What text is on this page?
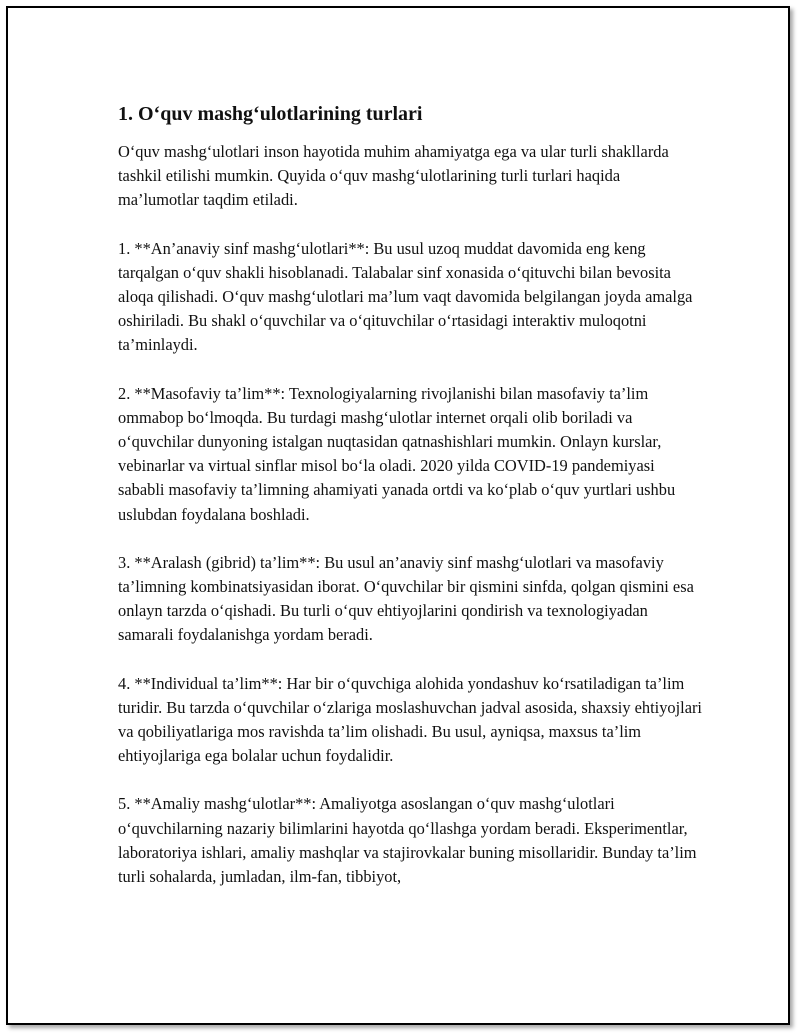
1. O‘quv mashg‘ulotlarining turlari

O‘quv mashg‘ulotlari inson hayotida muhim ahamiyatga ega va ular turli shakllarda tashkil etilishi mumkin. Quyida o‘quv mashg‘ulotlarining turli turlari haqida ma’lumotlar taqdim etiladi.

1. **An’anaviy sinf mashg‘ulotlari**: Bu usul uzoq muddat davomida eng keng tarqalgan o‘quv shakli hisoblanadi. Talabalar sinf xonasida o‘qituvchi bilan bevosita aloqa qilishadi. O‘quv mashg‘ulotlari ma’lum vaqt davomida belgilangan joyda amalga oshiriladi. Bu shakl o‘quvchilar va o‘qituvchilar o‘rtasidagi interaktiv muloqotni ta’minlaydi.

2. **Masofaviy ta’lim**: Texnologiyalarning rivojlanishi bilan masofaviy ta’lim ommabop bo‘lmoqda. Bu turdagi mashg‘ulotlar internet orqali olib boriladi va o‘quvchilar dunyoning istalgan nuqtasidan qatnashishlari mumkin. Onlayn kurslar, vebinarlar va virtual sinflar misol bo‘la oladi. 2020 yilda COVID-19 pandemiyasi sababli masofaviy ta’limning ahamiyati yanada ortdi va ko‘plab o‘quv yurtlari ushbu uslubdan foydalana boshladi.

3. **Aralash (gibrid) ta’lim**: Bu usul an’anaviy sinf mashg‘ulotlari va masofaviy ta’limning kombinatsiyasidan iborat. O‘quvchilar bir qismini sinfda, qolgan qismini esa onlayn tarzda o‘qishadi. Bu turli o‘quv ehtiyojlarini qondirish va texnologiyadan samarali foydalanishga yordam beradi.

4. **Individual ta’lim**: Har bir o‘quvchiga alohida yondashuv ko‘rsatiladigan ta’lim turidir. Bu tarzda o‘quvchilar o‘zlariga moslashuvchan jadval asosida, shaxsiy ehtiyojlari va qobiliyatlariga mos ravishda ta’lim olishadi. Bu usul, ayniqsa, maxsus ta’lim ehtiyojlariga ega bolalar uchun foydalidir.

5. **Amaliy mashg‘ulotlar**: Amaliyotga asoslangan o‘quv mashg‘ulotlari o‘quvchilarning nazariy bilimlarini hayotda qo‘llashga yordam beradi. Eksperimentlar, laboratoriya ishlari, amaliy mashqlar va stajirovkalar buning misollaridir. Bunday ta’lim turli sohalarda, jumladan, ilm-fan, tibbiyot,
